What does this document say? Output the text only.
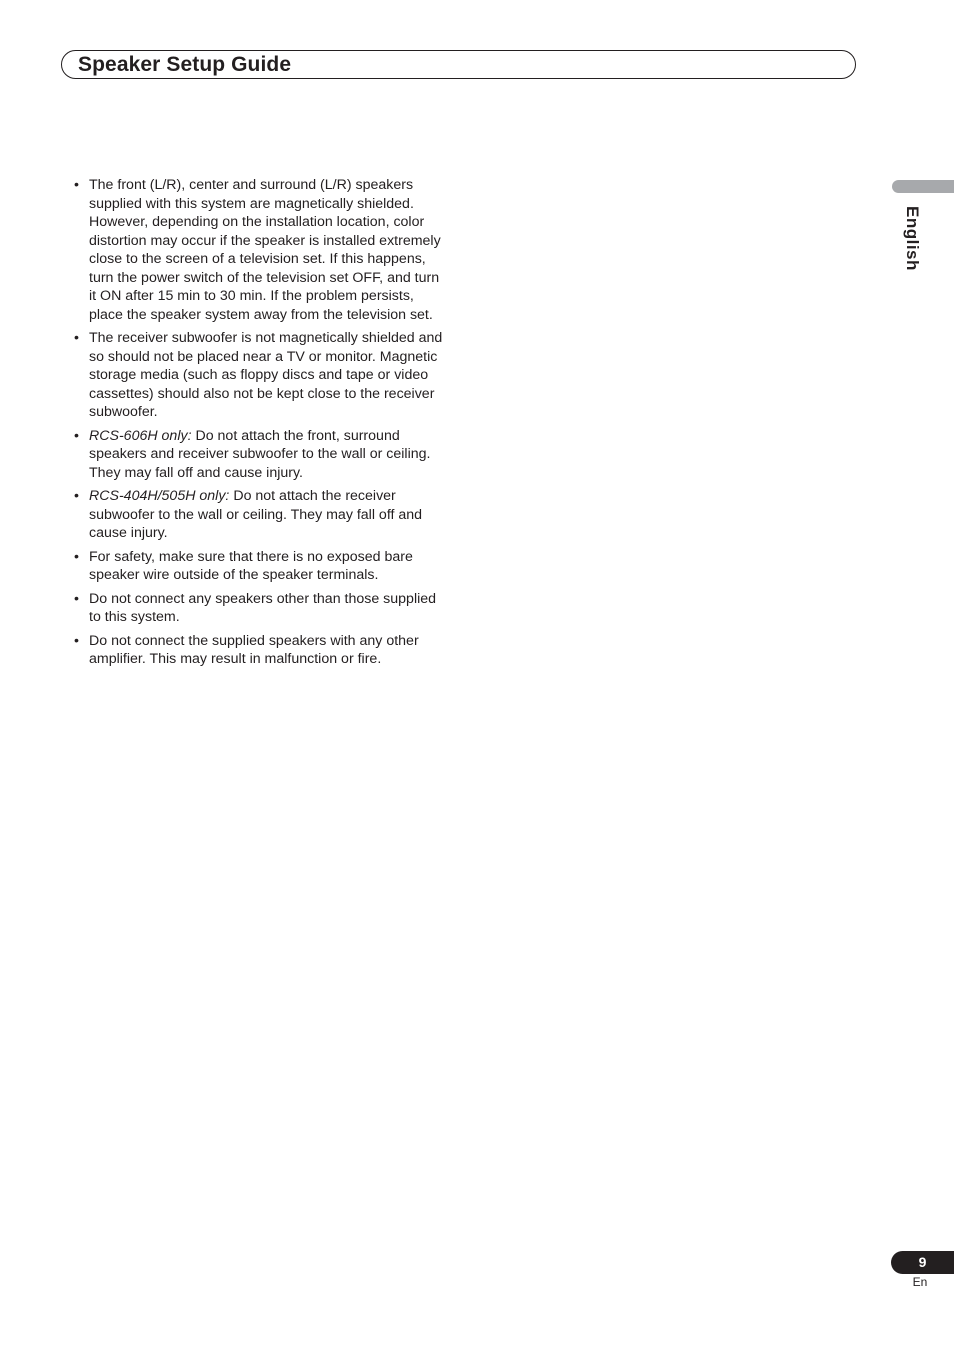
Speaker Setup Guide
English
• The front (L/R), center and surround (L/R) speakers supplied with this system are magnetically shielded. However, depending on the installation location, color distortion may occur if the speaker is installed extremely close to the screen of a television set. If this happens, turn the power switch of the television set OFF, and turn it ON after 15 min to 30 min. If the problem persists, place the speaker system away from the television set.
• The receiver subwoofer is not magnetically shielded and so should not be placed near a TV or monitor. Magnetic storage media (such as floppy discs and tape or video cassettes) should also not be kept close to the receiver subwoofer.
• RCS-606H only: Do not attach the front, surround speakers and receiver subwoofer to the wall or ceiling. They may fall off and cause injury.
• RCS-404H/505H only: Do not attach the receiver subwoofer to the wall or ceiling. They may fall off and cause injury.
• For safety, make sure that there is no exposed bare speaker wire outside of the speaker terminals.
• Do not connect any speakers other than those supplied to this system.
• Do not connect the supplied speakers with any other amplifier. This may result in malfunction or fire.
9
En
